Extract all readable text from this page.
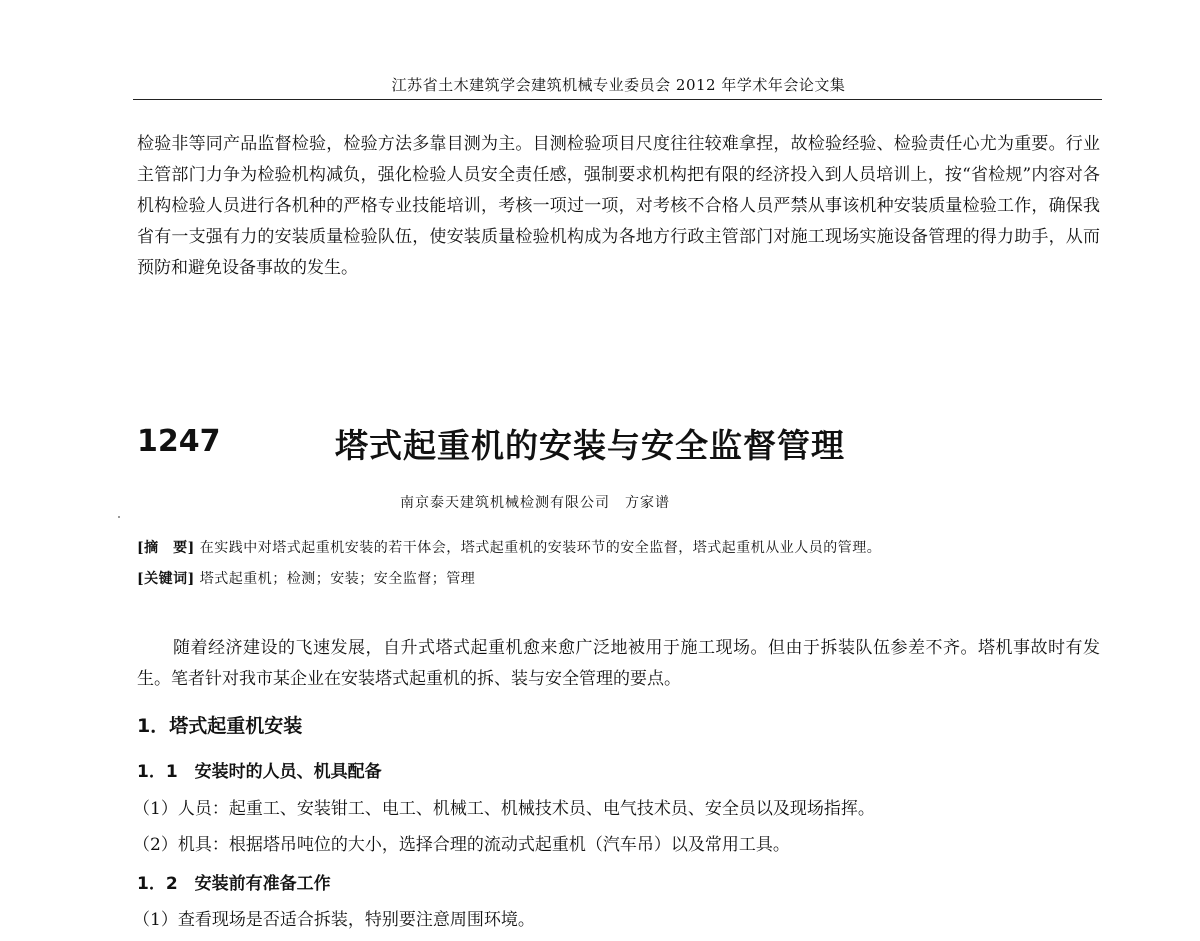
江苏省土木建筑学会建筑机械专业委员会 2012 年学术年会论文集

检验非等同产品监督检验，检验方法多靠目测为主。目测检验项目尺度往往较难拿捏，故检验经验、检验责任心尤为重要。行业主管部门力争为检验机构减负，强化检验人员安全责任感，强制要求机构把有限的经济投入到人员培训上，按“省检规”内容对各机构检验人员进行各机种的严格专业技能培训，考核一项过一项，对考核不合格人员严禁从事该机种安装质量检验工作，确保我省有一支强有力的安装质量检验队伍，使安装质量检验机构成为各地方行政主管部门对施工现场实施设备管理的得力助手，从而预防和避免设备事故的发生。

1247	塔式起重机的安装与安全监督管理
南京泰天建筑机械检测有限公司　方家谱
[摘　要] 在实践中对塔式起重机安装的若干体会，塔式起重机的安装环节的安全监督，塔式起重机从业人员的管理。
[关键词] 塔式起重机；检测；安装；安全监督；管理

随着经济建设的飞速发展，自升式塔式起重机愈来愈广泛地被用于施工现场。但由于拆装队伍参差不齐。塔机事故时有发生。笔者针对我市某企业在安装塔式起重机的拆、装与安全管理的要点。

1．塔式起重机安装
1．1　安装时的人员、机具配备
（1）人员：起重工、安装钳工、电工、机械工、机械技术员、电气技术员、安全员以及现场指挥。
（2）机具：根据塔吊吨位的大小，选择合理的流动式起重机（汽车吊）以及常用工具。
1．2　安装前有准备工作
（1）查看现场是否适合拆装，特别要注意周围环境。
